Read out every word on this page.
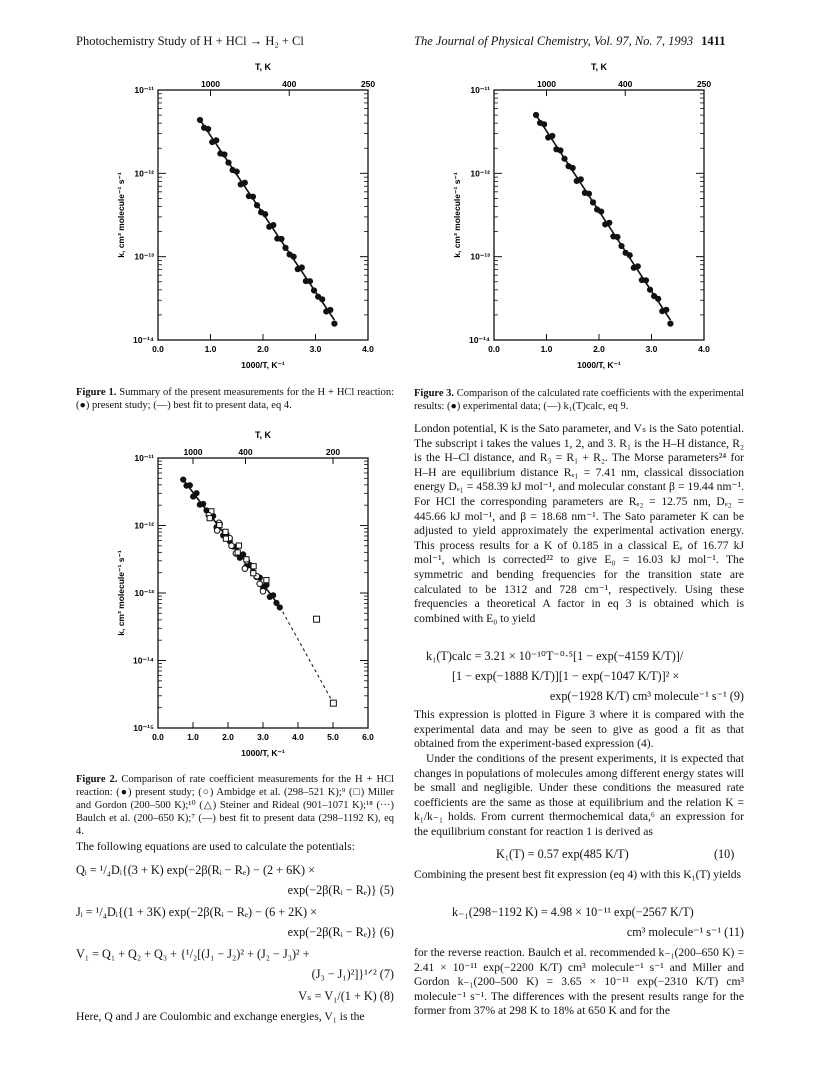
Photochemistry Study of H + HCl → H₂ + Cl	The Journal of Physical Chemistry, Vol. 97, No. 7, 1993 1411
T, K
10⁻¹¹
10⁻¹²
10⁻¹³
10⁻¹⁴
0.0	1.0	2.0	3.0	4.0
1000	400	250
1000/T, K⁻¹
k, cm³ molecule⁻¹ s⁻¹
Figure 1. Summary of the present measurements for the H + HCl reaction: (●) present study; (—) best fit to present data, eq 4.
T, K
10⁻¹¹
10⁻¹²
10⁻¹³
10⁻¹⁴
10⁻¹⁵
0.0	1.0	2.0	3.0	4.0	5.0	6.0
1000	400	200
1000/T, K⁻¹
k, cm³ molecule⁻¹ s⁻¹
Figure 2. Comparison of rate coefficient measurements for the H + HCl reaction: (●) present study; (○) Ambidge et al. (298–521 K);⁹ (□) Miller and Gordon (200–500 K);¹⁰ (△) Steiner and Rideal (901–1071 K);¹⁸ (···) Baulch et al. (200–650 K);⁷ (—) best fit to present data (298–1192 K), eq 4.
T, K
10⁻¹¹
10⁻¹²
10⁻¹³
10⁻¹⁴
0.0	1.0	2.0	3.0	4.0
1000	400	250
1000/T, K⁻¹
k, cm³ molecule⁻¹ s⁻¹
Figure 3. Comparison of the calculated rate coefficients with the experimental results: (●) experimental data; (—) k₁(T)calc, eq 9.
The following equations are used to calculate the potentials:
Qᵢ = ¹/₄Dᵢ{(3 + K) exp(−2β(Rᵢ − Rₑ) − (2 + 6K) ×
exp(−2β(Rᵢ − Rₑ)} (5)
Jᵢ = ¹/₄Dᵢ{(1 + 3K) exp(−2β(Rᵢ − Rₑ) − (6 + 2K) ×
exp(−2β(Rᵢ − Rₑ)} (6)
V₁ = Q₁ + Q₂ + Q₃ + {¹/₂[(J₁ − J₂)² + (J₂ − J₃)² +
(J₃ − J₁)²]}¹ᐟ² (7)
Vₛ = V₁/(1 + K) (8)
Here, Q and J are Coulombic and exchange energies, V₁ is the
London potential, K is the Sato parameter, and Vₛ is the Sato potential. The subscript i takes the values 1, 2, and 3. R₁ is the H–H distance, R₂ is the H–Cl distance, and R₃ = R₁ + R₂. The Morse parameters²⁴ for H–H are equilibrium distance Rₑ₁ = 7.41 nm, classical dissociation energy Dₑ₁ = 458.39 kJ mol⁻¹, and molecular constant β = 19.44 nm⁻¹. For HCl the corresponding parameters are Rₑ₂ = 12.75 nm, Dₑ₂ = 445.66 kJ mol⁻¹, and β = 18.68 nm⁻¹. The Sato parameter K can be adjusted to yield approximately the experimental activation energy. This process results for a K of 0.185 in a classical Eₑ of 16.77 kJ mol⁻¹, which is corrected²² to give E₀ = 16.03 kJ mol⁻¹. The symmetric and bending frequencies for the transition state are calculated to be 1312 and 728 cm⁻¹, respectively. Using these frequencies a theoretical A factor in eq 3 is obtained which is combined with E₀ to yield
k₁(T)calc = 3.21 × 10⁻¹⁰T⁻⁰·⁵[1 − exp(−4159 K/T)]/
[1 − exp(−1888 K/T)][1 − exp(−1047 K/T)]² ×
exp(−1928 K/T) cm³ molecule⁻¹ s⁻¹ (9)
This expression is plotted in Figure 3 where it is compared with the experimental data and may be seen to give as good a fit as that obtained from the experiment-based expression (4).
Under the conditions of the present experiments, it is expected that changes in populations of molecules among different energy states will be small and negligible. Under these conditions the measured rate coefficients are the same as those at equilibrium and the relation K = k₁/k₋₁ holds. From current thermochemical data,⁶ an expression for the equilibrium constant for reaction 1 is derived as
K₁(T) = 0.57 exp(485 K/T)	(10)
Combining the present best fit expression (eq 4) with this K₁(T) yields
k₋₁(298−1192 K) = 4.98 × 10⁻¹¹ exp(−2567 K/T)
cm³ molecule⁻¹ s⁻¹ (11)
for the reverse reaction. Baulch et al. recommended k₋₁(200–650 K) = 2.41 × 10⁻¹¹ exp(−2200 K/T) cm³ molecule⁻¹ s⁻¹ and Miller and Gordon k₋₁(200–500 K) = 3.65 × 10⁻¹¹ exp(−2310 K/T) cm³ molecule⁻¹ s⁻¹. The differences with the present results range for the former from 37% at 298 K to 18% at 650 K and for the
